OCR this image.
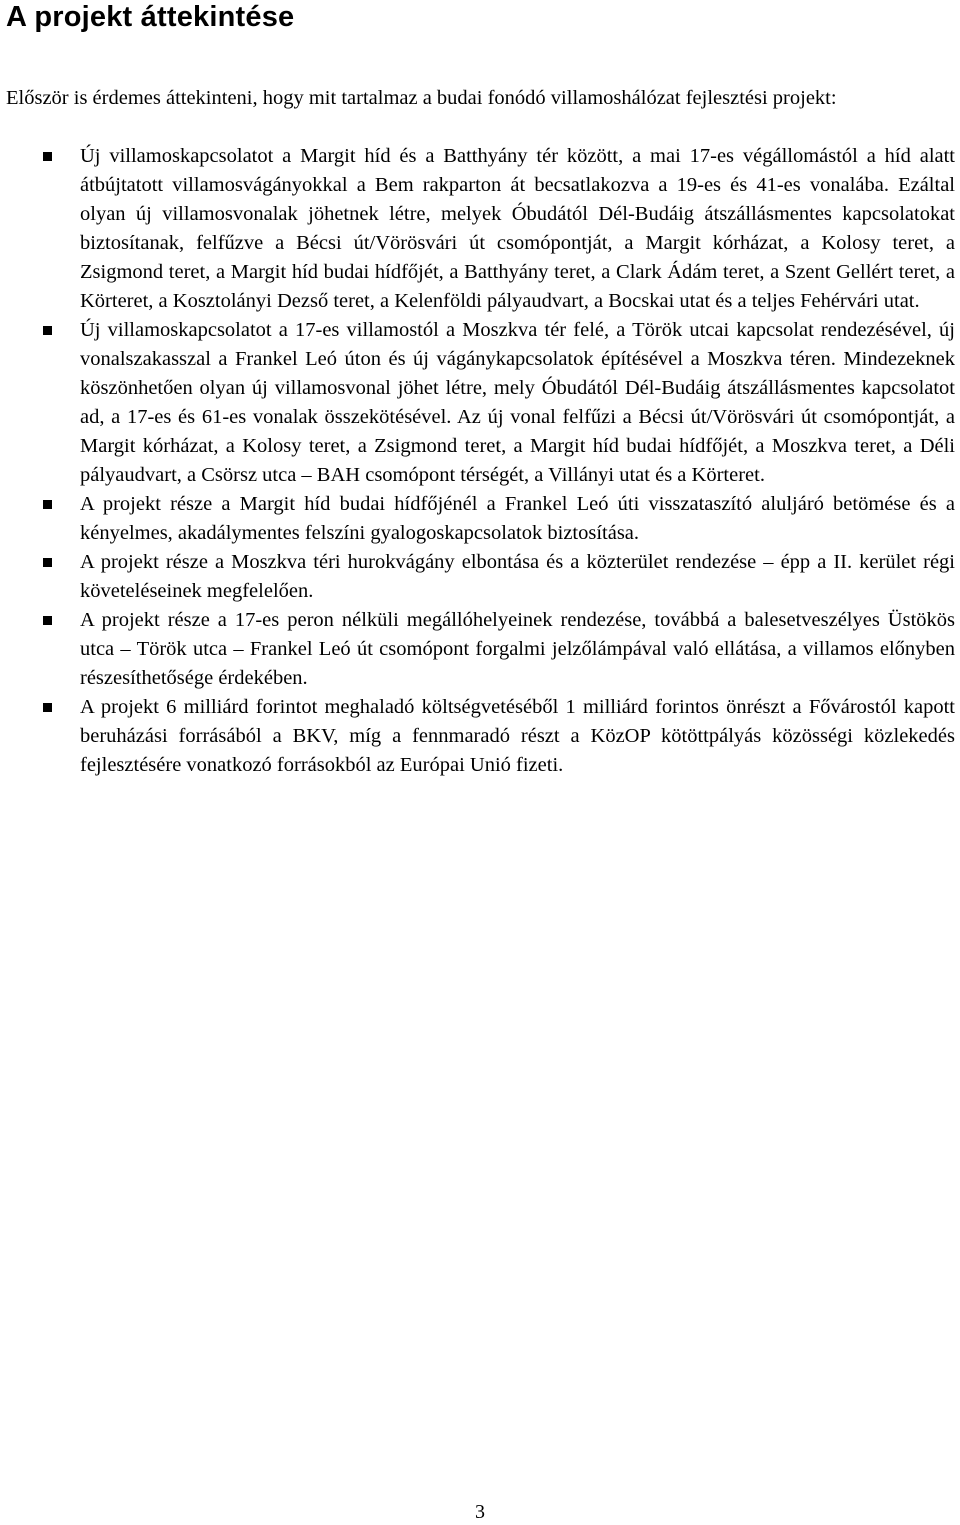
A projekt áttekintése

Először is érdemes áttekinteni, hogy mit tartalmaz a budai fonódó villamoshálózat fejlesztési projekt:

Új villamoskapcsolatot a Margit híd és a Batthyány tér között, a mai 17-es végállomástól a híd alatt átbújtatott villamosvágányokkal a Bem rakparton át becsatlakozva a 19-es és 41-es vonalába. Ezáltal olyan új villamosvonalak jöhetnek létre, melyek Óbudától Dél-Budáig átszállásmentes kapcsolatokat biztosítanak, felfűzve a Bécsi út/Vörösvári út csomópontját, a Margit kórházat, a Kolosy teret, a Zsigmond teret, a Margit híd budai hídfőjét, a Batthyány teret, a Clark Ádám teret, a Szent Gellért teret, a Körteret, a Kosztolányi Dezső teret, a Kelenföldi pályaudvart, a Bocskai utat és a teljes Fehérvári utat.
Új villamoskapcsolatot a 17-es villamostól a Moszkva tér felé, a Török utcai kapcsolat rendezésével, új vonalszakasszal a Frankel Leó úton és új vágánykapcsolatok építésével a Moszkva téren. Mindezeknek köszönhetően olyan új villamosvonal jöhet létre, mely Óbudától Dél-Budáig átszállásmentes kapcsolatot ad, a 17-es és 61-es vonalak összekötésével. Az új vonal felfűzi a Bécsi út/Vörösvári út csomópontját, a Margit kórházat, a Kolosy teret, a Zsigmond teret, a Margit híd budai hídfőjét, a Moszkva teret, a Déli pályaudvart, a Csörsz utca – BAH csomópont térségét, a Villányi utat és a Körteret.
A projekt része a Margit híd budai hídfőjénél a Frankel Leó úti visszataszító aluljáró betömése és a kényelmes, akadálymentes felszíni gyalogoskapcsolatok biztosítása.
A projekt része a Moszkva téri hurokvágány elbontása és a közterület rendezése – épp a II. kerület régi követeléseinek megfelelően.
A projekt része a 17-es peron nélküli megállóhelyeinek rendezése, továbbá a balesetveszélyes Üstökös utca – Török utca – Frankel Leó út csomópont forgalmi jelzőlámpával való ellátása, a villamos előnyben részesíthetősége érdekében.
A projekt 6 milliárd forintot meghaladó költségvetéséből 1 milliárd forintos önrészt a Fővárostól kapott beruházási forrásából a BKV, míg a fennmaradó részt a KözOP kötöttpályás közösségi közlekedés fejlesztésére vonatkozó forrásokból az Európai Unió fizeti.

3
